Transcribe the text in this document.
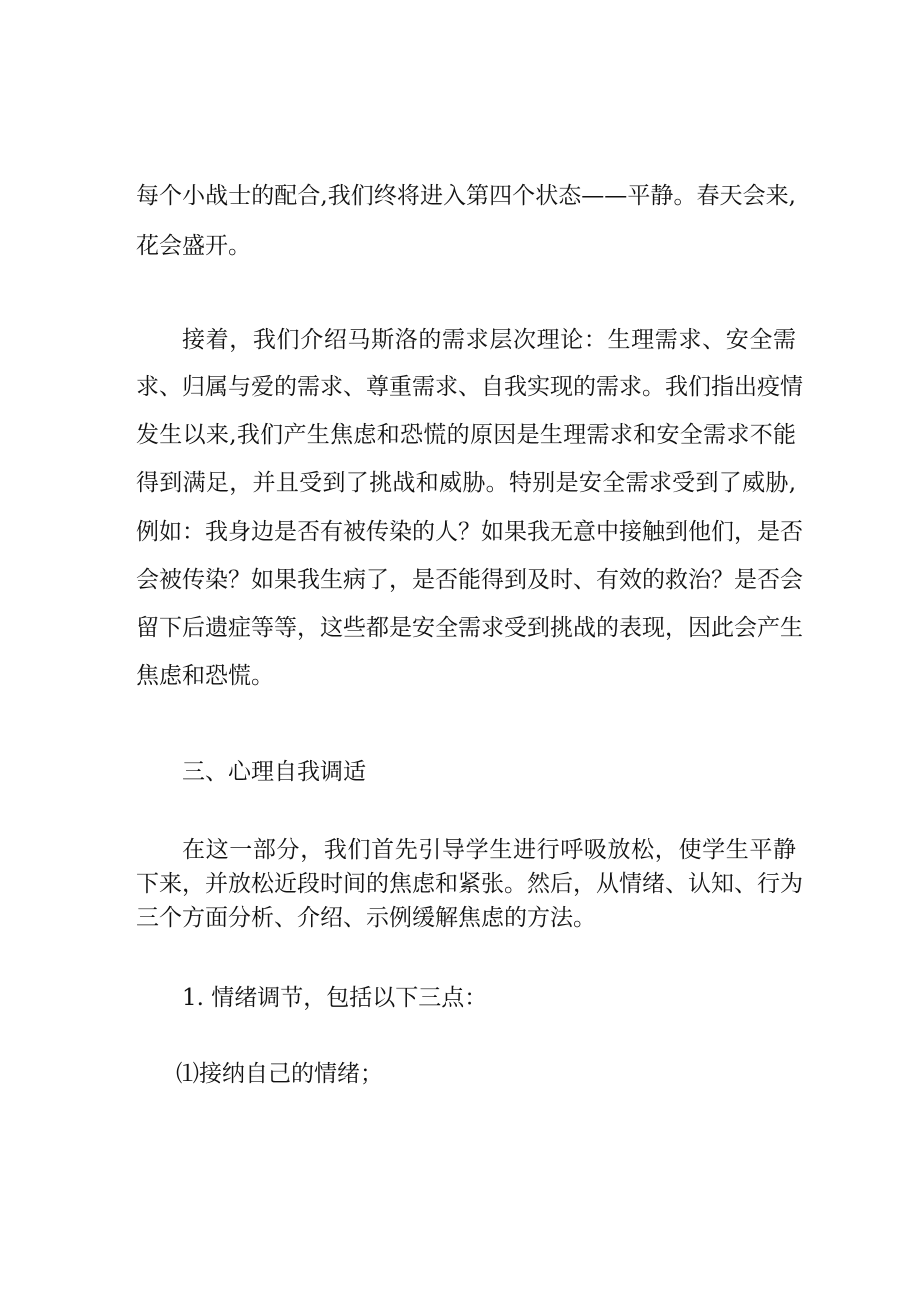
每个小战士的配合,我们终将进入第四个状态——平静。春天会来,
花会盛开。
接着，我们介绍马斯洛的需求层次理论：生理需求、安全需
求、归属与爱的需求、尊重需求、自我实现的需求。我们指出疫情
发生以来,我们产生焦虑和恐慌的原因是生理需求和安全需求不能
得到满足，并且受到了挑战和威胁。特别是安全需求受到了威胁,
例如：我身边是否有被传染的人？如果我无意中接触到他们，是否
会被传染？如果我生病了，是否能得到及时、有效的救治？是否会
留下后遗症等等，这些都是安全需求受到挑战的表现，因此会产生
焦虑和恐慌。
三、心理自我调适
在这一部分，我们首先引导学生进行呼吸放松，使学生平静
下来，并放松近段时间的焦虑和紧张。然后，从情绪、认知、行为
三个方面分析、介绍、示例缓解焦虑的方法。
1. 情绪调节，包括以下三点：
⑴接纳自己的情绪；
